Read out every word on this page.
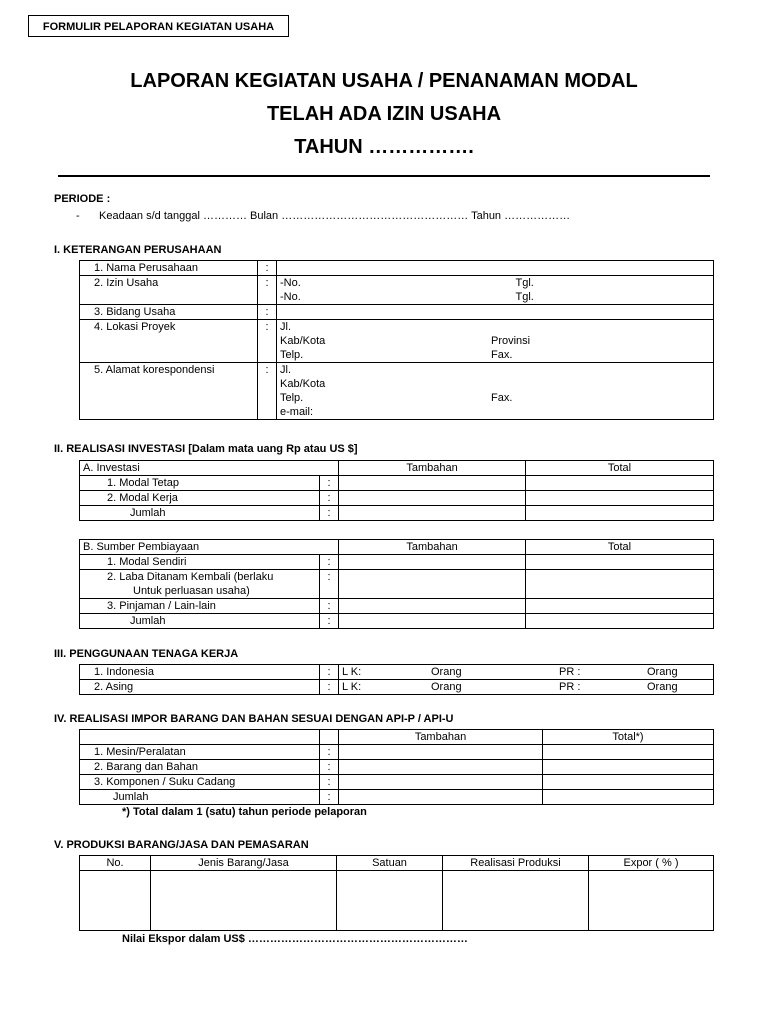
FORMULIR PELAPORAN KEGIATAN USAHA
LAPORAN KEGIATAN USAHA / PENANAMAN MODAL
TELAH ADA IZIN USAHA
TAHUN …………….
PERIODE :
- Keadaan s/d tanggal ………… Bulan …………………………………………… Tahun ………………
I. KETERANGAN PERUSAHAAN
1. Nama Perusahaan	:	
2. Izin Usaha	:	-No. Tgl.
-No. Tgl.

3. Bidang Usaha	:	
4. Lokasi Proyek	:	Jl.
Kab/Kota Provinsi
Telp. Fax.

5. Alamat korespondensi	:	Jl.
Kab/Kota
Telp. Fax.
e-mail:
II. REALISASI INVESTASI [Dalam mata uang Rp atau US $]
A. Investasi		Tambahan	Total
1. Modal Tetap	:		
2. Modal Kerja	:		
Jumlah	:		
B. Sumber Pembiayaan		Tambahan	Total
1. Modal Sendiri	:		

2. Laba Ditanam Kembali (berlaku
Untuk perluasan usaha)	:		
3. Pinjaman / Lain-lain	:		
Jumlah	:		
III. PENGGUNAAN TENAGA KERJA
1. Indonesia	:	L K: Orang PR : Orang

2. Asing	:	L K: Orang PR : Orang
IV. REALISASI IMPOR BARANG DAN BAHAN SESUAI DENGAN API-P / API-U
		Tambahan	Total*)
1. Mesin/Peralatan	:		
2. Barang dan Bahan	:		
3. Komponen / Suku Cadang	:		
Jumlah	:		
*) Total dalam 1 (satu) tahun periode pelaporan
V. PRODUKSI BARANG/JASA DAN PEMASARAN
No.	Jenis Barang/Jasa	Satuan	Realisasi Produksi	Expor ( % )

Nilai Ekspor dalam US$ ……………………………………………………
